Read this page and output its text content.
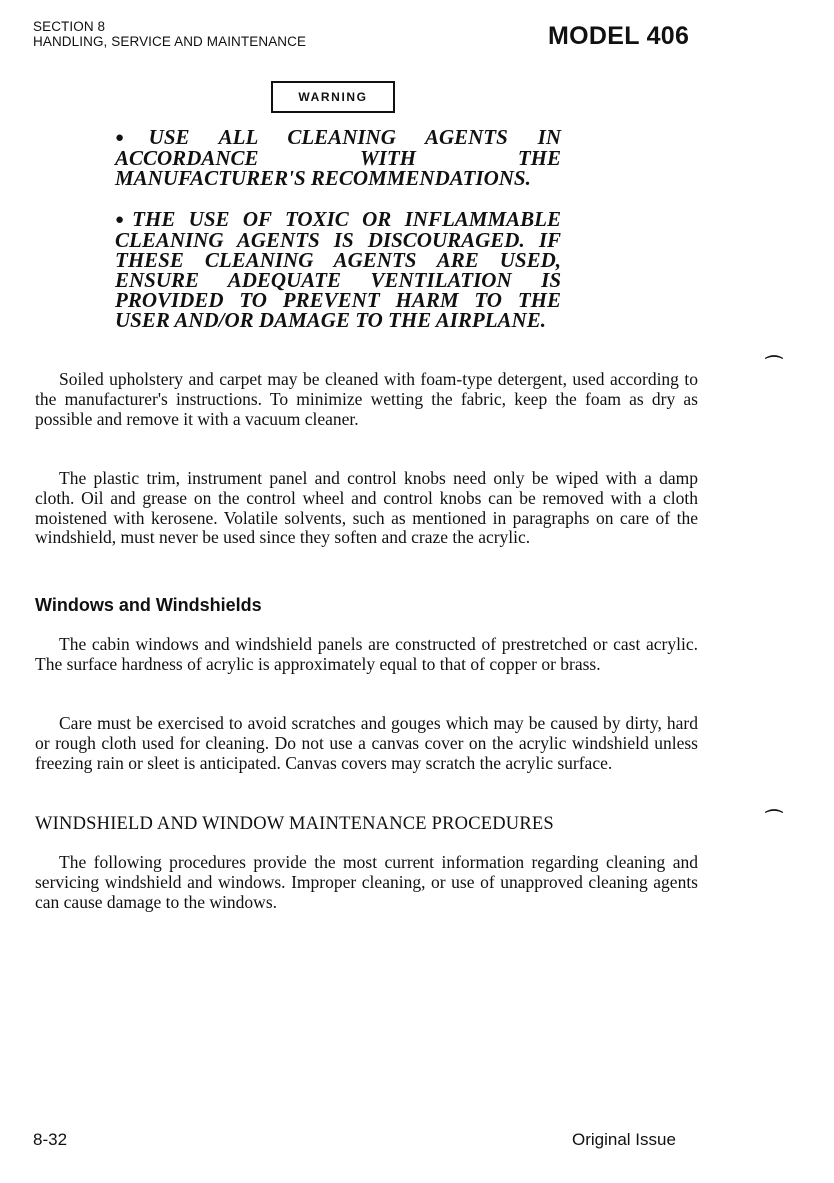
SECTION 8
HANDLING, SERVICE AND MAINTENANCE	MODEL 406
WARNING
●USE ALL CLEANING AGENTS IN ACCORDANCE WITH THE MANUFACTURER'S RECOMMENDATIONS.
●THE USE OF TOXIC OR INFLAMMABLE CLEANING AGENTS IS DISCOURAGED. IF THESE CLEANING AGENTS ARE USED, ENSURE ADEQUATE VENTILATION IS PROVIDED TO PREVENT HARM TO THE USER AND/OR DAMAGE TO THE AIRPLANE.
⌒
⌒

Soiled upholstery and carpet may be cleaned with foam-type detergent, used according to the manufacturer's instructions. To minimize wetting the fabric, keep the foam as dry as possible and remove it with a vacuum cleaner.

The plastic trim, instrument panel and control knobs need only be wiped with a damp cloth. Oil and grease on the control wheel and control knobs can be removed with a cloth moistened with kerosene. Volatile solvents, such as mentioned in paragraphs on care of the windshield, must never be used since they soften and craze the acrylic.

Windows and Windshields

The cabin windows and windshield panels are constructed of prestretched or cast acrylic. The surface hardness of acrylic is approximately equal to that of copper or brass.

Care must be exercised to avoid scratches and gouges which may be caused by dirty, hard or rough cloth used for cleaning. Do not use a canvas cover on the acrylic windshield unless freezing rain or sleet is anticipated. Canvas covers may scratch the acrylic surface.

WINDSHIELD AND WINDOW MAINTENANCE PROCEDURES

The following procedures provide the most current information regarding cleaning and servicing windshield and windows. Improper cleaning, or use of unapproved cleaning agents can cause damage to the windows.

8-32	Original Issue
